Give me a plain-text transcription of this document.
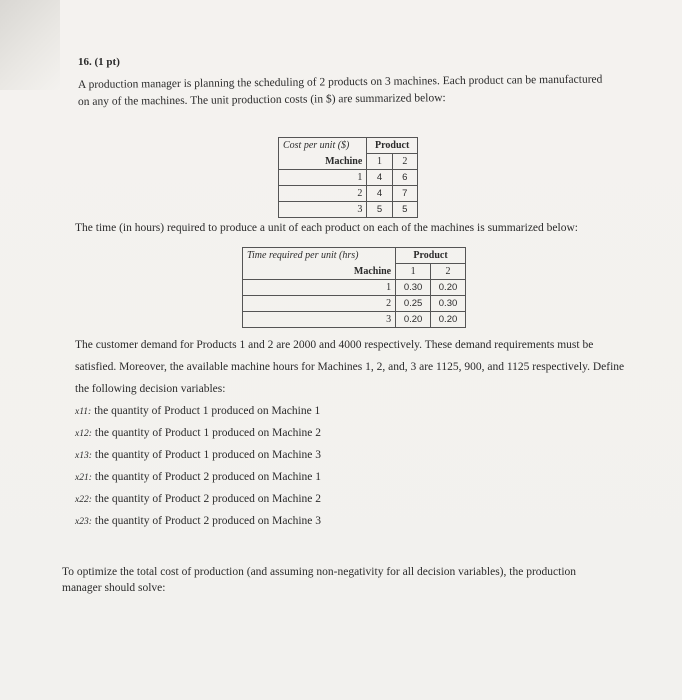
16. (1 pt)
A production manager is planning the scheduling of 2 products on 3 machines. Each product can be manufactured
on any of the machines. The unit production costs (in $) are summarized below:
Cost per unit ($)	Product	
Machine	1	2
1	4	6
2	4	7
3	5	5
The time (in hours) required to produce a unit of each product on each of the machines is summarized below:
Time required per unit (hrs)	Product	
Machine	1	2
1	0.30	0.20
2	0.25	0.30
3	0.20	0.20
The customer demand for Products 1 and 2 are 2000 and 4000 respectively. These demand requirements must be
satisfied. Moreover, the available machine hours for Machines 1, 2, and, 3 are 1125, 900, and 1125 respectively. Define
the following decision variables:
x11: the quantity of Product 1 produced on Machine 1
x12: the quantity of Product 1 produced on Machine 2
x13: the quantity of Product 1 produced on Machine 3
x21: the quantity of Product 2 produced on Machine 1
x22: the quantity of Product 2 produced on Machine 2
x23: the quantity of Product 2 produced on Machine 3
To optimize the total cost of production (and assuming non-negativity for all decision variables), the production
manager should solve:
